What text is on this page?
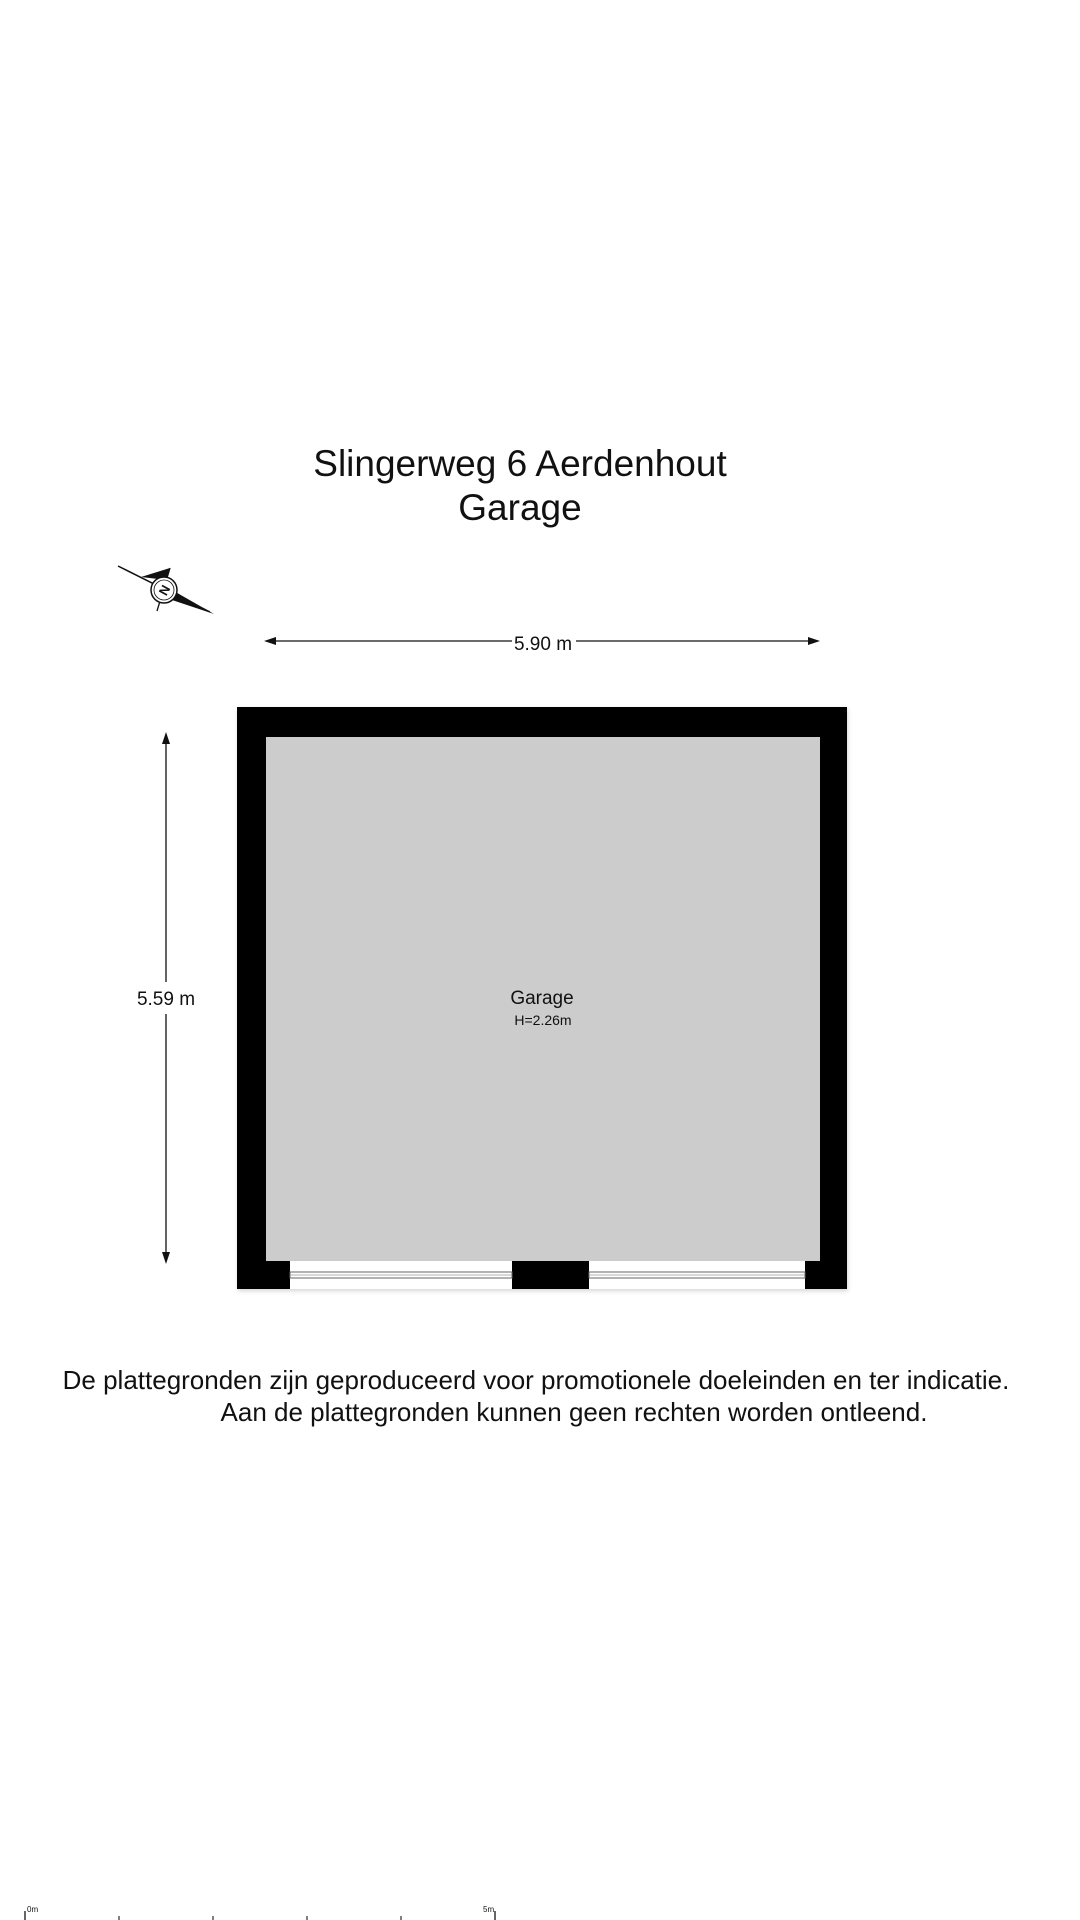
Slingerweg 6 Aerdenhout
Garage
N
5.90 m
5.59 m	Garage
H=2.26m
0m	5m
De plattegronden zijn geproduceerd voor promotionele doeleinden en ter indicatie.
Aan de plattegronden kunnen geen rechten worden ontleend.
